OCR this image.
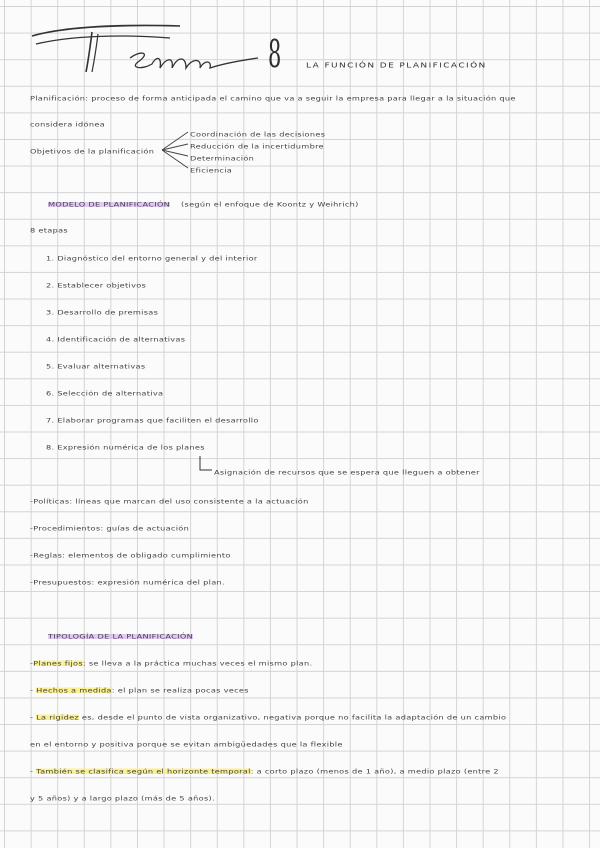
8	LA FUNCIÓN DE PLANIFICACIÓN
Planificación: proceso de forma anticipada el camino que va a seguir la empresa para llegar a la situación que
considera idónea
Objetivos de la planificación
Coordinación de las decisiones
Reducción de la incertidumbre
Determinación
Eficiencia
MODELO DE PLANIFICACIÓN (según el enfoque de Koontz y Weihrich)
8 etapas
1. Diagnóstico del entorno general y del interior
2. Establecer objetivos
3. Desarrollo de premisas
4. Identificación de alternativas
5. Evaluar alternativas
6. Selección de alternativa
7. Elaborar programas que faciliten el desarrollo
8. Expresión numérica de los planes
Asignación de recursos que se espera que lleguen a obtener
-Políticas: líneas que marcan del uso consistente a la actuación
-Procedimientos: guías de actuación
-Reglas: elementos de obligado cumplimiento
-Presupuestos: expresión numérica del plan.
TIPOLOGÍA DE LA PLANIFICACIÓN
-Planes fijos: se lleva a la práctica muchas veces el mismo plan.
- Hechos a medida: el plan se realiza pocas veces
- La rigidez es, desde el punto de vista organizativo, negativa porque no facilita la adaptación de un cambio
en el entorno y positiva porque se evitan ambigüedades que la flexible
- También se clasifica según el horizonte temporal: a corto plazo (menos de 1 año), a medio plazo (entre 2
y 5 años) y a largo plazo (más de 5 años).
